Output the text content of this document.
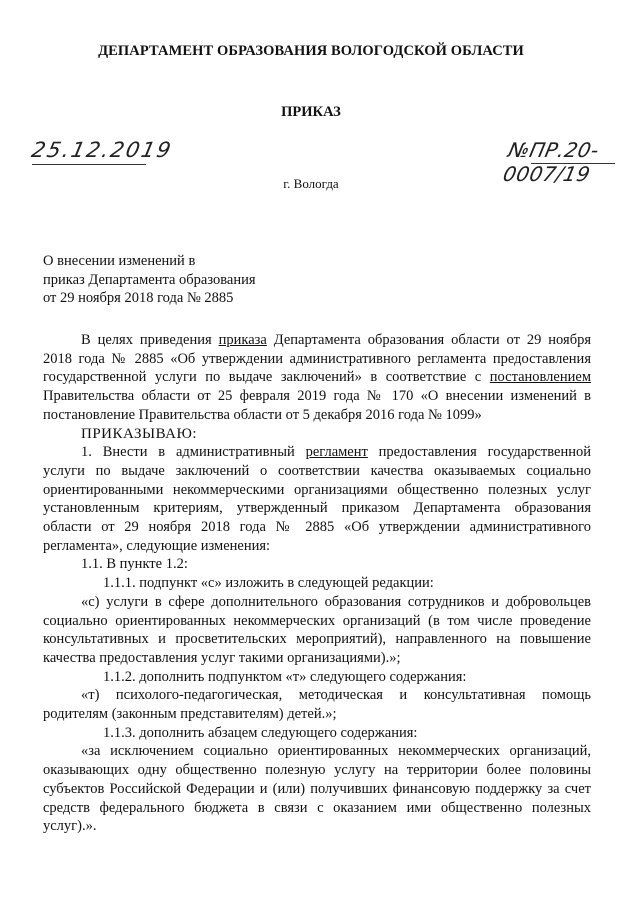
ДЕПАРТАМЕНТ ОБРАЗОВАНИЯ ВОЛОГОДСКОЙ ОБЛАСТИ
ПРИКАЗ
25.12.2019	№ПР.20-0007/19
г. Вологда
О внесении изменений в
приказ Департамента образования
от 29 ноября 2018 года № 2885

В целях приведения приказа Департамента образования области от 29 ноября 2018 года № 2885 «Об утверждении административного регламента предоставления государственной услуги по выдаче заключений» в соответствие с постановлением Правительства области от 25 февраля 2019 года № 170 «О внесении изменений в постановление Правительства области от 5 декабря 2016 года № 1099»

ПРИКАЗЫВАЮ:

1. Внести в административный регламент предоставления государственной услуги по выдаче заключений о соответствии качества оказываемых социально ориентированными некоммерческими организациями общественно полезных услуг установленным критериям, утвержденный приказом Департамента образования области от 29 ноября 2018 года № 2885 «Об утверждении административного регламента», следующие изменения:

1.1. В пункте 1.2:

1.1.1. подпункт «с» изложить в следующей редакции:

«с) услуги в сфере дополнительного образования сотрудников и добровольцев социально ориентированных некоммерческих организаций (в том числе проведение консультативных и просветительских мероприятий), направленного на повышение качества предоставления услуг такими организациями).»;

1.1.2. дополнить подпунктом «т» следующего содержания:

«т) психолого-педагогическая, методическая и консультативная помощь родителям (законным представителям) детей.»;

1.1.3. дополнить абзацем следующего содержания:

«за исключением социально ориентированных некоммерческих организаций, оказывающих одну общественно полезную услугу на территории более половины субъектов Российской Федерации и (или) получивших финансовую поддержку за счет средств федерального бюджета в связи с оказанием ими общественно полезных услуг).».
